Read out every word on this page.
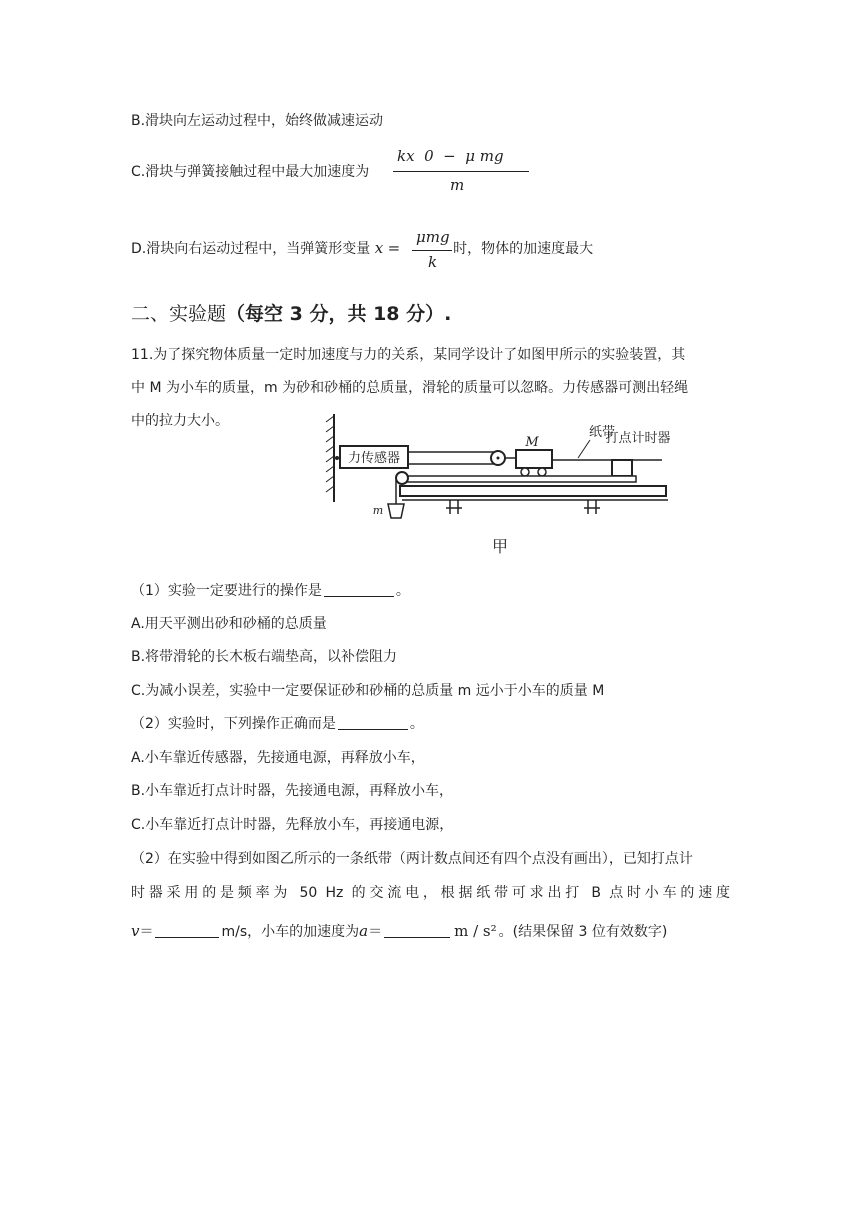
B.滑块向左运动过程中，始终做减速运动
C.滑块与弹簧接触过程中最大加速度为
kx  0  −  μ mg
m
D.滑块向右运动过程中，当弹簧形变量 x =	时，物体的加速度最大
μmg
k
二、实验题（每空 3 分，共 18 分）.
11.为了探究物体质量一定时加速度与力的关系，某同学设计了如图甲所示的实验装置，其
中 M 为小车的质量，m 为砂和砂桶的总质量，滑轮的质量可以忽略。力传感器可测出轻绳
中的拉力大小。
力传感器
M
纸带
打点计时器
m
甲
（1）实验一定要进行的操作是	。
A.用天平测出砂和砂桶的总质量
B.将带滑轮的长木板右端垫高，以补偿阻力
C.为减小误差，实验中一定要保证砂和砂桶的总质量 m 远小于小车的质量 M
（2）实验时，下列操作正确而是	。
A.小车靠近传感器，先接通电源，再释放小车，
B.小车靠近打点计时器，先接通电源，再释放小车，
C.小车靠近打点计时器，先释放小车，再接通电源，
（2）在实验中得到如图乙所示的一条纸带（两计数点间还有四个点没有画出），已知打点计
时器采用的是频率为 50 Hz 的交流电，根据纸带可求出打 B 点时小车的速度
v＝	m/s，小车的加速度为a＝	m / s² 。(结果保留 3 位有效数字)
